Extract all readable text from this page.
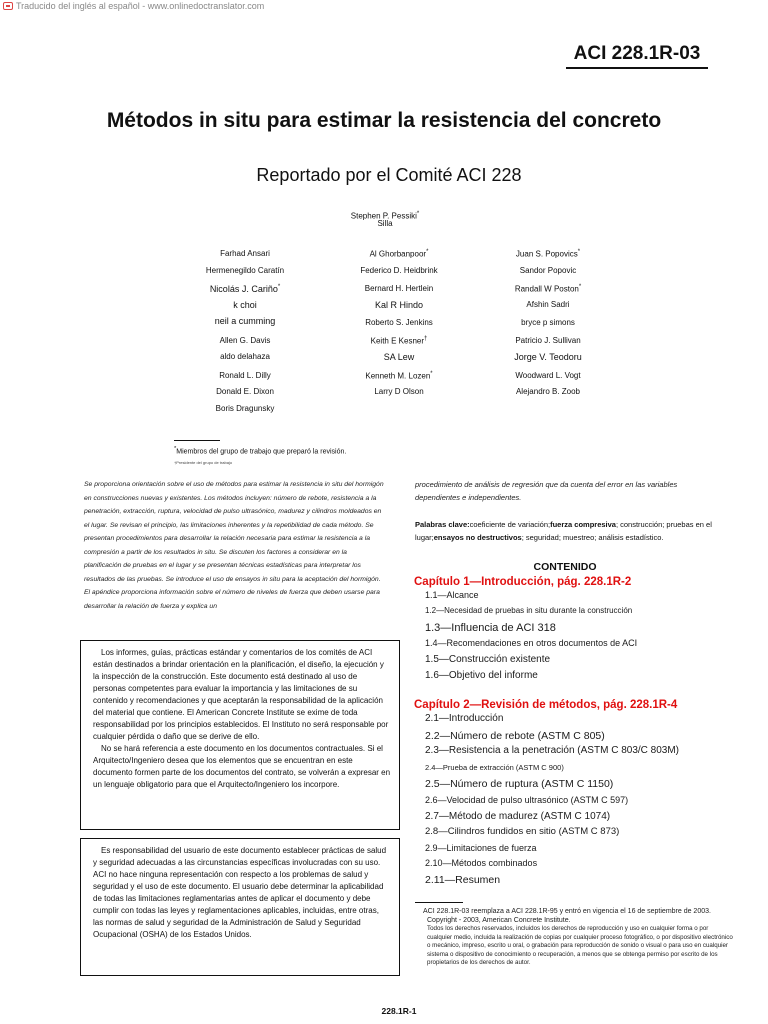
Traducido del inglés al español - www.onlinedoctranslator.com
ACI 228.1R-03
Métodos in situ para estimar la resistencia del concreto
Reportado por el Comité ACI 228
Stephen P. Pessiki*
Silla
Farhad Ansari
Hermenegildo Caratín
Nicolás J. Cariño*
k choi
neil a cumming
Allen G. Davis
aldo delahaza
Ronald L. Dilly
Donald E. Dixon
Boris Dragunsky
Al Ghorbanpoor*
Federico D. Heidbrink
Bernard H. Hertlein
Kal R Hindo
Roberto S. Jenkins
Keith E Kesner†
SA Lew
Kenneth M. Lozen*
Larry D Olson
Juan S. Popovics*
Sandor Popovic
Randall W Poston*
Afshin Sadri
bryce p simons
Patricio J. Sullivan
Jorge V. Teodoru
Woodward L. Vogt
Alejandro B. Zoob
*Miembros del grupo de trabajo que preparó la revisión.
†Presidente del grupo de trabajo
Se proporciona orientación sobre el uso de métodos para estimar la resistencia in situ del hormigón en construcciones nuevas y existentes. Los métodos incluyen: número de rebote, resistencia a la penetración, extracción, ruptura, velocidad de pulso ultrasónico, madurez y cilindros moldeados en el lugar. Se revisan el principio, las limitaciones inherentes y la repetibilidad de cada método. Se presentan procedimientos para desarrollar la relación necesaria para estimar la resistencia a la compresión a partir de los resultados in situ. Se discuten los factores a considerar en la planificación de pruebas en el lugar y se presentan técnicas estadísticas para interpretar los resultados de las pruebas. Se introduce el uso de ensayos in situ para la aceptación del hormigón. El apéndice proporciona información sobre el número de niveles de fuerza que deben usarse para desarrollar la relación de fuerza y explica un
procedimiento de análisis de regresión que da cuenta del error en las variables dependientes e independientes.
Palabras clave:coeficiente de variación;fuerza compresiva; construcción; pruebas en el lugar;ensayos no destructivos; seguridad; muestreo; análisis estadístico.
CONTENIDO
Capítulo 1—Introducción, pág. 228.1R-2
1.1—Alcance
1.2—Necesidad de pruebas in situ durante la construcción
1.3—Influencia de ACI 318
1.4—Recomendaciones en otros documentos de ACI
1.5—Construcción existente
1.6—Objetivo del informe
Capítulo 2—Revisión de métodos, pág. 228.1R-4
2.1—Introducción
2.2—Número de rebote (ASTM C 805)
2.3—Resistencia a la penetración (ASTM C 803/C 803M)
2.4—Prueba de extracción (ASTM C 900)
2.5—Número de ruptura (ASTM C 1150)
2.6—Velocidad de pulso ultrasónico (ASTM C 597)
2.7—Método de madurez (ASTM C 1074)
2.8—Cilindros fundidos en sitio (ASTM C 873)
2.9—Limitaciones de fuerza
2.10—Métodos combinados
2.11—Resumen

Los informes, guías, prácticas estándar y comentarios de los comités de ACI están destinados a brindar orientación en la planificación, el diseño, la ejecución y la inspección de la construcción. Este documento está destinado al uso de personas competentes para evaluar la importancia y las limitaciones de su contenido y recomendaciones y que aceptarán la responsabilidad de la aplicación del material que contiene. El American Concrete Institute se exime de toda responsabilidad por los principios establecidos. El Instituto no será responsable por cualquier pérdida o daño que se derive de ello.

No se hará referencia a este documento en los documentos contractuales. Si el Arquitecto/Ingeniero desea que los elementos que se encuentran en este documento formen parte de los documentos del contrato, se volverán a expresar en un lenguaje obligatorio para que el Arquitecto/Ingeniero los incorpore.

Es responsabilidad del usuario de este documento establecer prácticas de salud y seguridad adecuadas a las circunstancias específicas involucradas con su uso. ACI no hace ninguna representación con respecto a los problemas de salud y seguridad y el uso de este documento. El usuario debe determinar la aplicabilidad de todas las limitaciones reglamentarias antes de aplicar el documento y debe cumplir con todas las leyes y reglamentaciones aplicables, incluidas, entre otras, las normas de salud y seguridad de la Administración de Salud y Seguridad Ocupacional (OSHA) de los Estados Unidos.

ACI 228.1R-03 reemplaza a ACI 228.1R-95 y entró en vigencia el 16 de septiembre de 2003.
Copyright - 2003, American Concrete Institute.
Todos los derechos reservados, incluidos los derechos de reproducción y uso en cualquier forma o por cualquier medio, incluida la realización de copias por cualquier proceso fotográfico, o por dispositivo electrónico o mecánico, impreso, escrito u oral, o grabación para reproducción de sonido o visual o para uso en cualquier sistema o dispositivo de conocimiento o recuperación, a menos que se obtenga permiso por escrito de los propietarios de los derechos de autor.
228.1R-1
